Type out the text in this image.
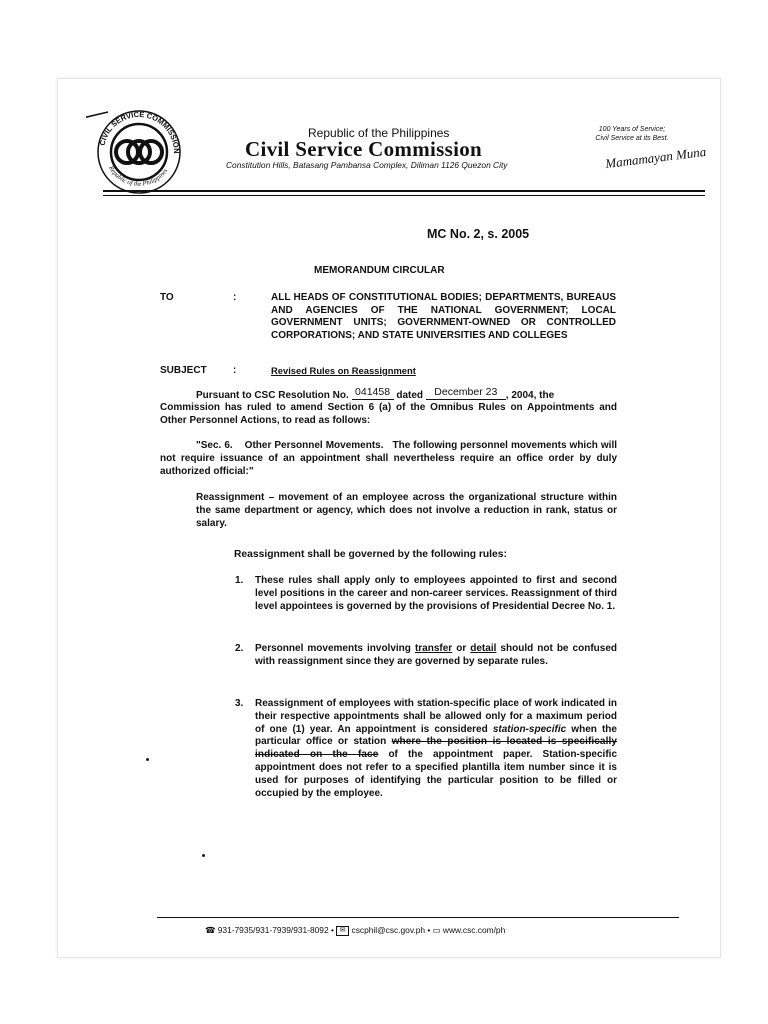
CIVIL SERVICE COMMISSION
Republic of the Philippines
Republic of the Philippines
Civil Service Commission
Constitution Hills, Batasang Pambansa Complex, Diliman 1126 Quezon City
100 Years of Service;
Civil Service at its Best.
Mamamayan Muna
MC No. 2, s. 2005
MEMORANDUM CIRCULAR
TO	:	ALL HEADS OF CONSTITUTIONAL BODIES; DEPARTMENTS, BUREAUS AND AGENCIES OF THE NATIONAL GOVERNMENT; LOCAL GOVERNMENT UNITS; GOVERNMENT-OWNED OR CONTROLLED CORPORATIONS; AND STATE UNIVERSITIES AND COLLEGES
SUBJECT	:	Revised Rules on Reassignment
Pursuant to CSC Resolution No. 041458 dated December 23 , 2004, the
Commission has ruled to amend Section 6 (a) of the Omnibus Rules on Appointments and Other Personnel Actions, to read as follows:
"Sec. 6. Other Personnel Movements. The following personnel movements which will not require issuance of an appointment shall nevertheless require an office order by duly authorized official:"
Reassignment – movement of an employee across the organizational structure within the same department or agency, which does not involve a reduction in rank, status or salary.
Reassignment shall be governed by the following rules:
1. These rules shall apply only to employees appointed to first and second level positions in the career and non-career services. Reassignment of third level appointees is governed by the provisions of Presidential Decree No. 1.
2. Personnel movements involving transfer or detail should not be confused with reassignment since they are governed by separate rules.
3. Reassignment of employees with station-specific place of work indicated in their respective appointments shall be allowed only for a maximum period of one (1) year. An appointment is considered station-specific when the particular office or station where the position is located is specifically indicated on the face of the appointment paper. Station-specific appointment does not refer to a specified plantilla item number since it is used for purposes of identifying the particular position to be filled or occupied by the employee.
☎ 931-7935/931-7939/931-8092 • ✉ cscphil@csc.gov.ph • ▭ www.csc.com/ph
